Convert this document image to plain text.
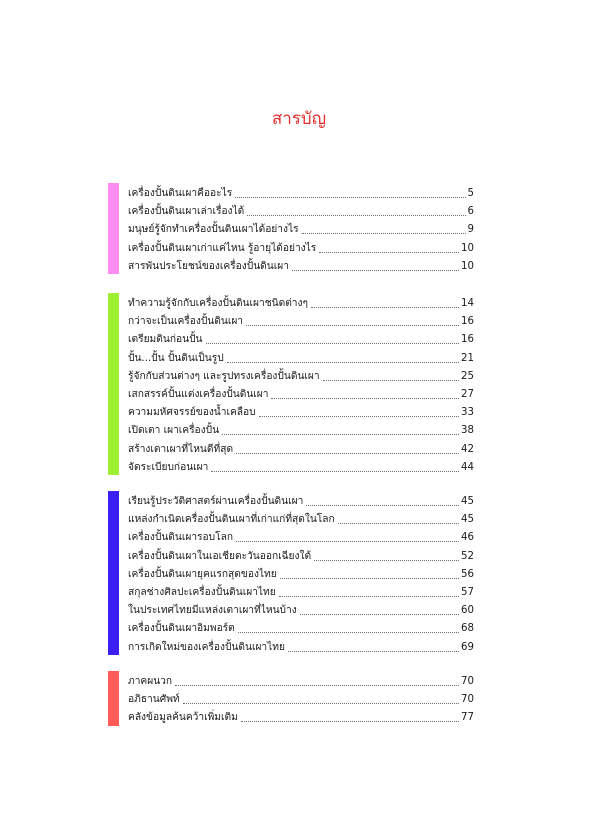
สารบัญ
เครื่องปั้นดินเผาคืออะไร	5
เครื่องปั้นดินเผาเล่าเรื่องได้	6
มนุษย์รู้จักทำเครื่องปั้นดินเผาได้อย่างไร	9
เครื่องปั้นดินเผาเก่าแค่ไหน รู้อายุได้อย่างไร	10
สารพันประโยชน์ของเครื่องปั้นดินเผา	10
ทำความรู้จักกับเครื่องปั้นดินเผาชนิดต่างๆ	14
กว่าจะเป็นเครื่องปั้นดินเผา	16
เตรียมดินก่อนปั้น	16
ปั้น...ปั้น ปั้นดินเป็นรูป	21
รู้จักกับส่วนต่างๆ และรูปทรงเครื่องปั้นดินเผา	25
เสกสรรค์ปั้นแต่งเครื่องปั้นดินเผา	27
ความมหัศจรรย์ของน้ำเคลือบ	33
เปิดเตา เผาเครื่องปั้น	38
สร้างเตาเผาที่ไหนดีที่สุด	42
จัดระเบียบก่อนเผา	44
เรียนรู้ประวัติศาสตร์ผ่านเครื่องปั้นดินเผา	45
แหล่งกำเนิดเครื่องปั้นดินเผาที่เก่าแก่ที่สุดในโลก	45
เครื่องปั้นดินเผารอบโลก	46
เครื่องปั้นดินเผาในเอเชียตะวันออกเฉียงใต้	52
เครื่องปั้นดินเผายุคแรกสุดของไทย	56
สกุลช่างศิลปะเครื่องปั้นดินเผาไทย	57
ในประเทศไทยมีแหล่งเตาเผาที่ไหนบ้าง	60
เครื่องปั้นดินเผาอิมพอร์ต	68
การเกิดใหม่ของเครื่องปั้นดินเผาไทย	69
ภาคผนวก	70
อภิธานศัพท์	70
คลังข้อมูลค้นคว้าเพิ่มเติม	77
